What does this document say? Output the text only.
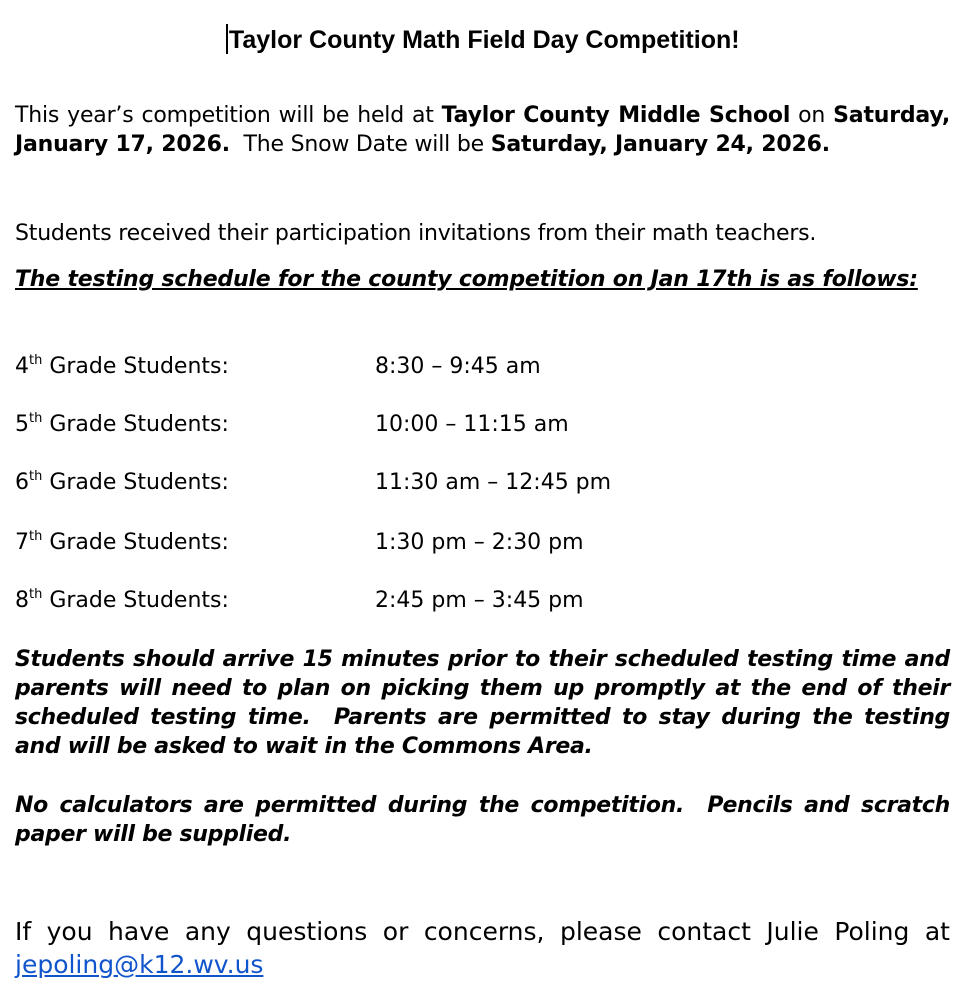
Taylor County Math Field Day Competition!
This year’s competition will be held at Taylor County Middle School on Saturday, January 17, 2026.  The Snow Date will be Saturday, January 24, 2026.
Students received their participation invitations from their math teachers.
The testing schedule for the county competition on Jan 17th is as follows:
4th Grade Students:	8:30 – 9:45 am
5th Grade Students:	10:00 – 11:15 am
6th Grade Students:	11:30 am – 12:45 pm
7th Grade Students:	1:30 pm – 2:30 pm
8th Grade Students:	2:45 pm – 3:45 pm
Students should arrive 15 minutes prior to their scheduled testing time and parents will need to plan on picking them up promptly at the end of their scheduled testing time.  Parents are permitted to stay during the testing and will be asked to wait in the Commons Area.
No calculators are permitted during the competition.  Pencils and scratch paper will be supplied.
If you have any questions or concerns, please contact Julie Poling at jepoling@k12.wv.us
